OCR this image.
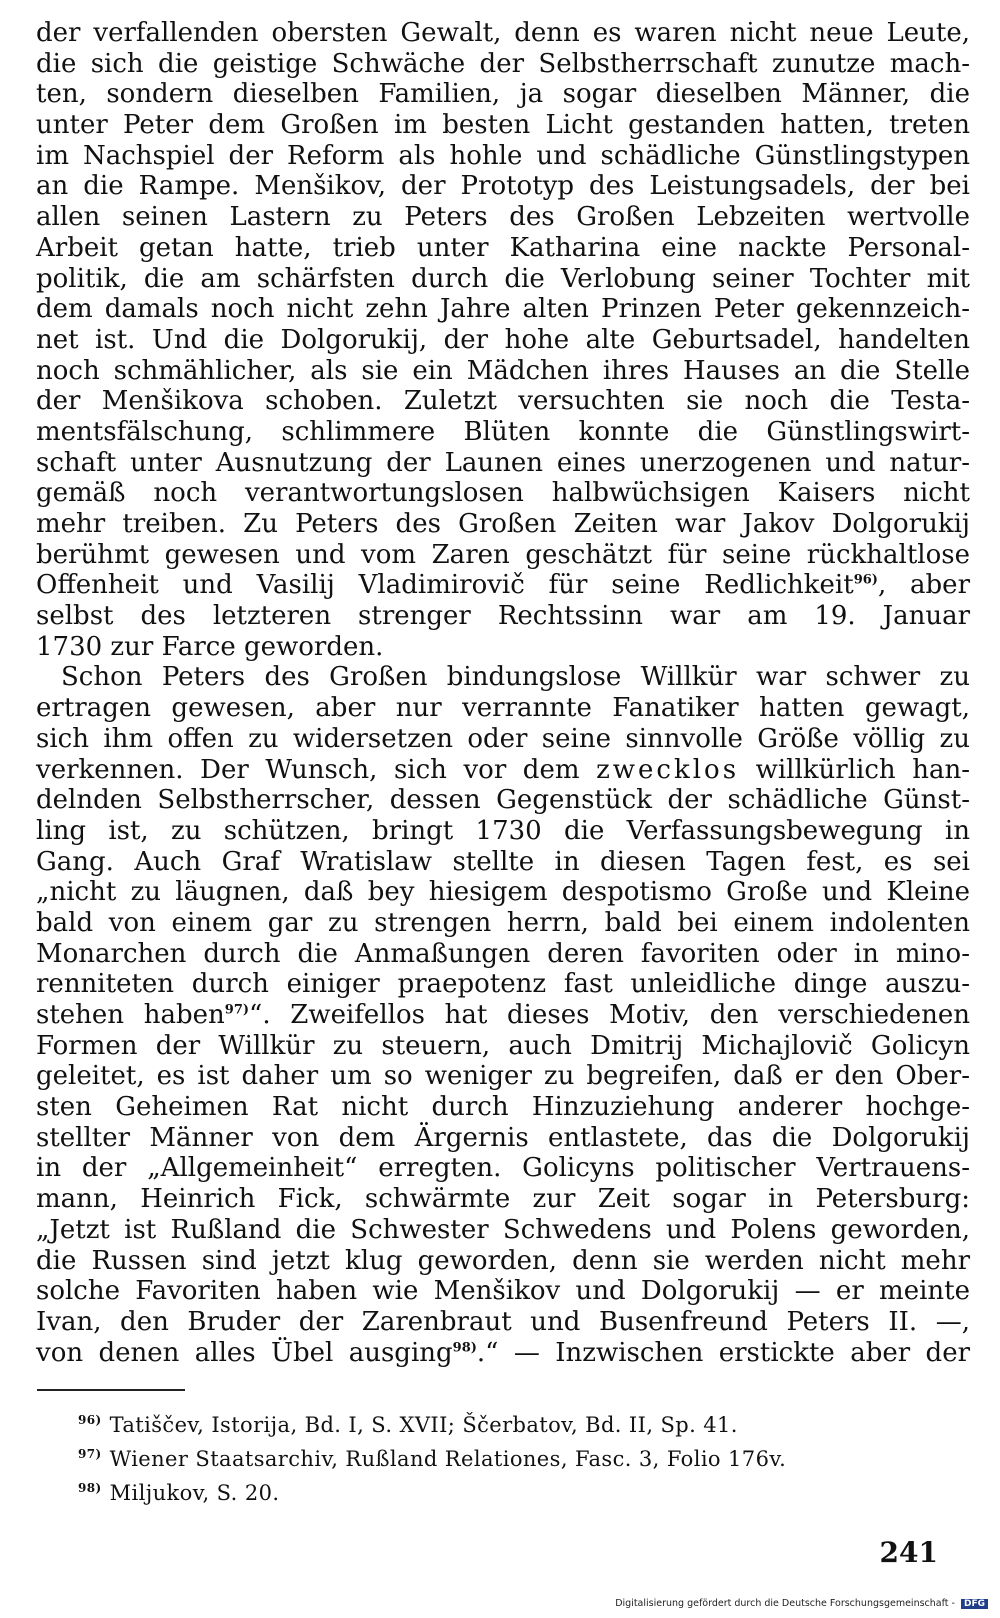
der verfallenden obersten Gewalt, denn es waren nicht neue Leute,
die sich die geistige Schwäche der Selbstherrschaft zunutze mach-
ten, sondern dieselben Familien, ja sogar dieselben Männer, die
unter Peter dem Großen im besten Licht gestanden hatten, treten
im Nachspiel der Reform als hohle und schädliche Günstlingstypen
an die Rampe. Menšikov, der Prototyp des Leistungsadels, der bei
allen seinen Lastern zu Peters des Großen Lebzeiten wertvolle
Arbeit getan hatte, trieb unter Katharina eine nackte Personal-
politik, die am schärfsten durch die Verlobung seiner Tochter mit
dem damals noch nicht zehn Jahre alten Prinzen Peter gekennzeich-
net ist. Und die Dolgorukij, der hohe alte Geburtsadel, handelten
noch schmählicher, als sie ein Mädchen ihres Hauses an die Stelle
der Menšikova schoben. Zuletzt versuchten sie noch die Testa-
mentsfälschung, schlimmere Blüten konnte die Günstlingswirt-
schaft unter Ausnutzung der Launen eines unerzogenen und natur-
gemäß noch verantwortungslosen halbwüchsigen Kaisers nicht
mehr treiben. Zu Peters des Großen Zeiten war Jakov Dolgorukij
berühmt gewesen und vom Zaren geschätzt für seine rückhaltlose
Offenheit und Vasilij Vladimirovič für seine Redlichkeit$^{96)}$, aber
selbst des letzteren strenger Rechtssinn war am 19. Januar
1730 zur Farce geworden.
Schon Peters des Großen bindungslose Willkür war schwer zu
ertragen gewesen, aber nur verrannte Fanatiker hatten gewagt,
sich ihm offen zu widersetzen oder seine sinnvolle Größe völlig zu
verkennen. Der Wunsch, sich vor dem zwecklos willkürlich han-
delnden Selbstherrscher, dessen Gegenstück der schädliche Günst-
ling ist, zu schützen, bringt 1730 die Verfassungsbewegung in
Gang. Auch Graf Wratislaw stellte in diesen Tagen fest, es sei
„nicht zu läugnen, daß bey hiesigem despotismo Große und Kleine
bald von einem gar zu strengen herrn, bald bei einem indolenten
Monarchen durch die Anmaßungen deren favoriten oder in mino-
renniteten durch einiger praepotenz fast unleidliche dinge auszu-
stehen haben$^{97)}$“. Zweifellos hat dieses Motiv, den verschiedenen
Formen der Willkür zu steuern, auch Dmitrij Michajlovič Golicyn
geleitet, es ist daher um so weniger zu begreifen, daß er den Ober-
sten Geheimen Rat nicht durch Hinzuziehung anderer hochge-
stellter Männer von dem Ärgernis entlastete, das die Dolgorukij
in der „Allgemeinheit“ erregten. Golicyns politischer Vertrauens-
mann, Heinrich Fick, schwärmte zur Zeit sogar in Petersburg:
„Jetzt ist Rußland die Schwester Schwedens und Polens geworden,
die Russen sind jetzt klug geworden, denn sie werden nicht mehr
solche Favoriten haben wie Menšikov und Dolgorukij — er meinte
Ivan, den Bruder der Zarenbraut und Busenfreund Peters II. —,
von denen alles Übel ausging$^{98)}$.“ — Inzwischen erstickte aber der
$^{96)}$ Tatiščev, Istorija, Bd. I, S. XVII; Ščerbatov, Bd. II, Sp. 41.
$^{97)}$ Wiener Staatsarchiv, Rußland Relationes, Fasc. 3, Folio 176v.
$^{98)}$ Miljukov, S. 20.
241
Digitalisierung gefördert durch die Deutsche Forschungsgemeinschaft - DFG
